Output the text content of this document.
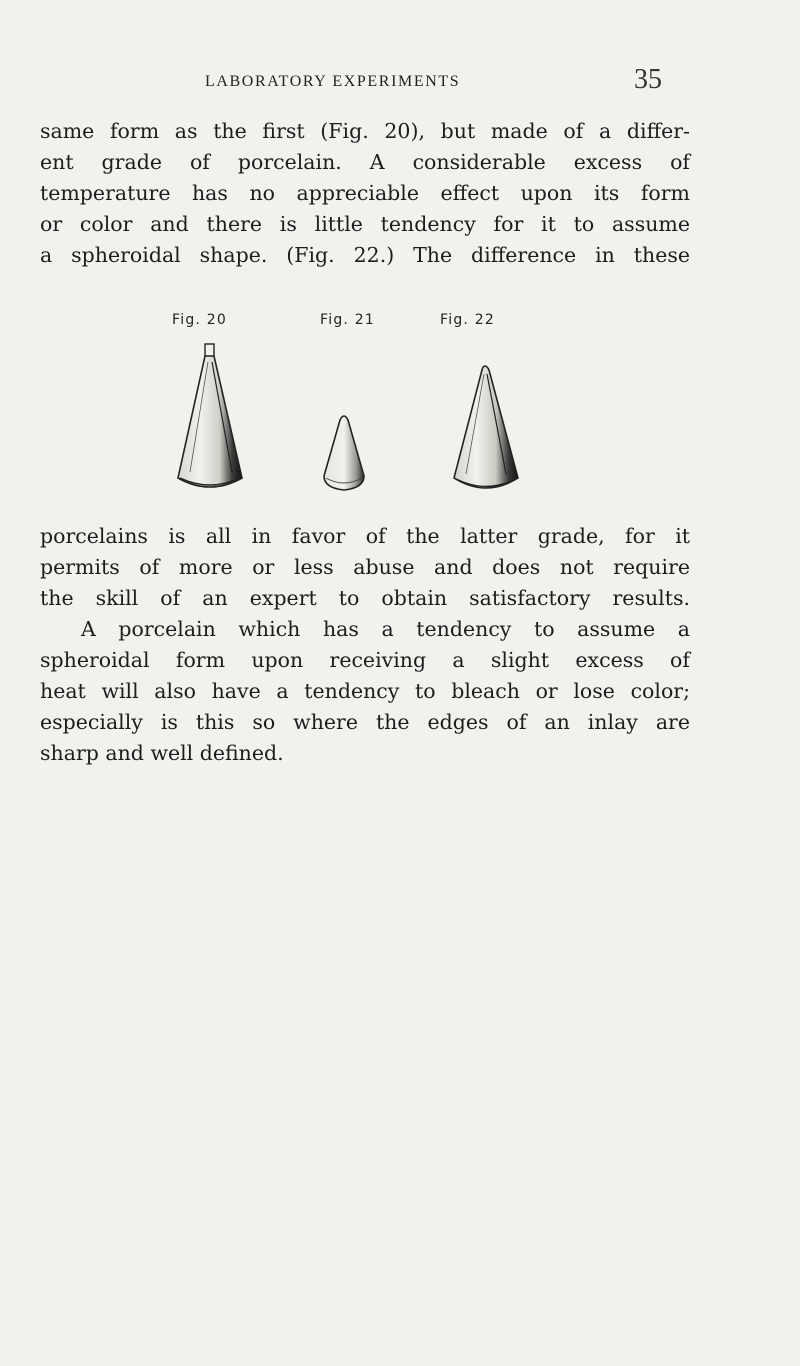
LABORATORY EXPERIMENTS	35
same form as the first (Fig. 20), but made of a differ-
ent grade of porcelain. A considerable excess of
temperature has no appreciable effect upon its form
or color and there is little tendency for it to assume
a spheroidal shape. (Fig. 22.) The difference in these
Fig. 20	Fig. 21	Fig. 22
porcelains is all in favor of the latter grade, for it
permits of more or less abuse and does not require
the skill of an expert to obtain satisfactory results.
A porcelain which has a tendency to assume a
spheroidal form upon receiving a slight excess of
heat will also have a tendency to bleach or lose color;
especially is this so where the edges of an inlay are
sharp and well defined.
